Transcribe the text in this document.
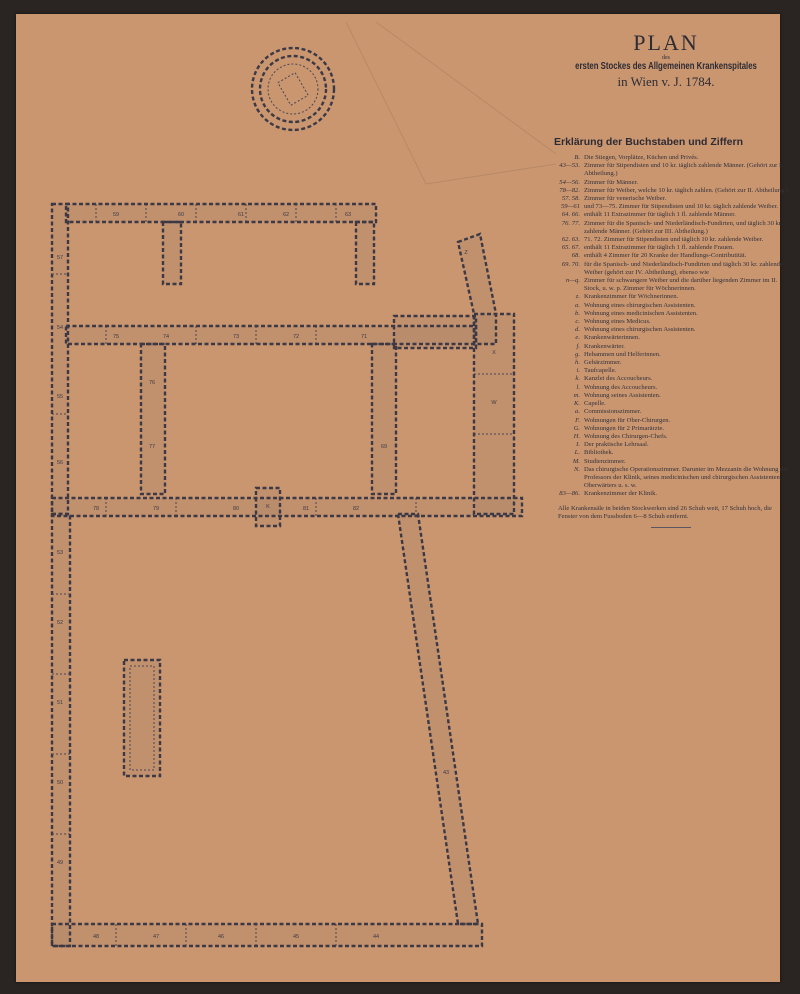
59	60	61	62	63
75	74	73	72	71
76
77	69
78	79	80	81	82
57
54
55
56
53
52
51
50
49
48	47	46	45	44
43
X
W
K
Z
PLAN
des
ersten Stockes des Allgemeinen Krankenspitales
in Wien v. J. 1784.
Erklärung der Buchstaben und Ziffern
B. Die Stiegen, Vorplätze, Küchen und Privés.
43—53. Zimmer für Stipendisten und 10 kr. täglich zahlende Männer. (Gehört zur I. Abtheilung.)
54—56. Zimmer für Männer.
78—82. Zimmer für Weiber, welche 10 kr. täglich zahlen. (Gehört zur II. Abtheilung.)
57. 58. Zimmer für venerische Weiber.
59—61 und 73—75. Zimmer für Stipendisten und 10 kr. täglich zahlende Weiber.
64. 66. enthält 11 Extrazimmer für täglich 1 fl. zahlende Männer.
76. 77. Zimmer für die Spanisch- und Niederländisch-Fundirten, und täglich 30 kr. zahlende Männer. (Gehört zur III. Abtheilung.)
62. 63. 71. 72. Zimmer für Stipendisten und täglich 10 kr. zahlende Weiber.
65. 67. enthält 11 Extrazimmer für täglich 1 fl. zahlende Frauen.
68. enthält 4 Zimmer für 20 Kranke der Handlungs-Contributität.
69. 70. für die Spanisch- und Niederländisch-Fundirten und täglich 30 kr. zahlende Weiber (gehört zur IV. Abtheilung), ebenso wie
n—q. Zimmer für schwangere Weiber und die darüber liegenden Zimmer im II. Stock, u. w. p. Zimmer für Wöchnerinnen.
z. Krankenzimmer für Wöchnerinnen.
a. Wohnung eines chirurgischen Assistenten.
b. Wohnung eines medicinischen Assistenten.
c. Wohnung eines Medicus.
d. Wohnung eines chirurgischen Assistenten.
e. Krankenwärterinnen.
f. Krankenwärter.
g. Hebammen und Helferinnen.
h. Gebärzimmer.
i. Taufcapelle.
k. Kanzlei des Accoucheurs.
l. Wohnung des Accoucheurs.
m. Wohnung seines Assistenten.
K. Capelle.
a. Commissionszimmer.
F. Wohnungen für Ober-Chirurgen.
G. Wohnungen für 2 Primarärzte.
H. Wohnung des Chirurgen-Chefs.
I. Der praktische Lehrsaal.
L. Bibliothek.
M. Studienzimmer.
N. Das chirurgische Operationszimmer. Darunter im Mezzanin die Wohnung des Professors der Klinik, seines medicinischen und chirurgischen Assistenten, Oberwärters u. s. w.
83—86. Krankenzimmer der Klinik.
Alle Krankensäle in beiden Stockwerken sind 26 Schuh weit, 17 Schuh hoch, die Fenster von dem Fussboden 6—8 Schuh entfernt.
